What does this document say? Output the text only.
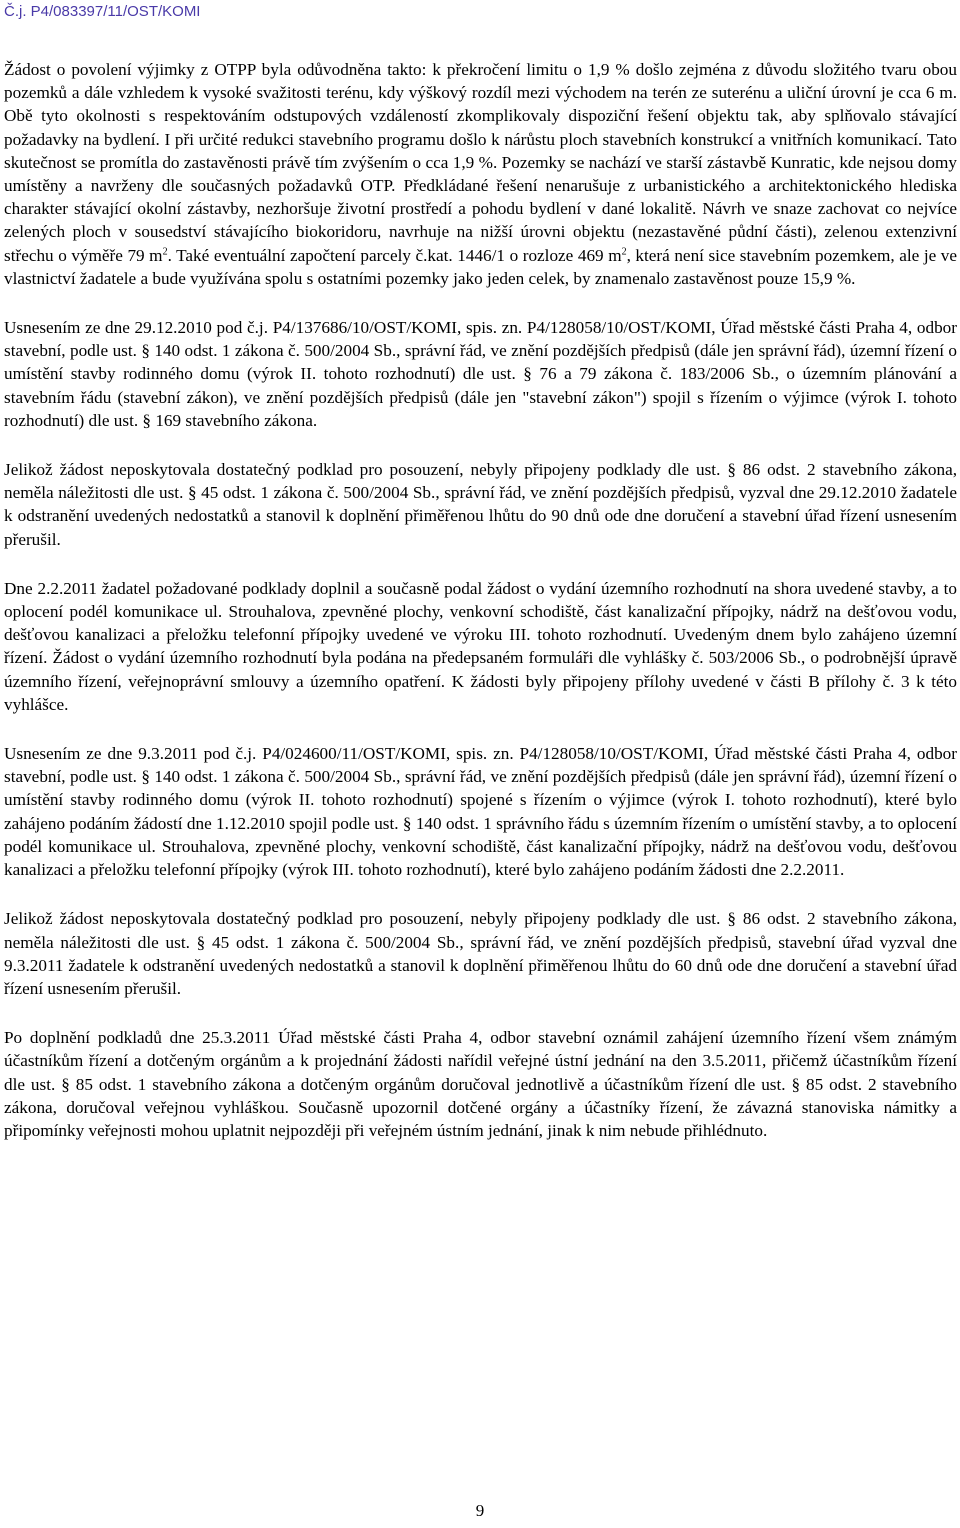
Č.j. P4/083397/11/OST/KOMI

Žádost o povolení výjimky z OTPP byla odůvodněna takto: k překročení limitu o 1,9 % došlo zejména z důvodu složitého tvaru obou pozemků a dále vzhledem k vysoké svažitosti terénu, kdy výškový rozdíl mezi východem na terén ze suterénu a uliční úrovní je cca 6 m. Obě tyto okolnosti s respektováním odstupových vzdáleností zkomplikovaly dispoziční řešení objektu tak, aby splňovalo stávající požadavky na bydlení. I při určité redukci stavebního programu došlo k nárůstu ploch stavebních konstrukcí a vnitřních komunikací. Tato skutečnost se promítla do zastavěnosti právě tím zvýšením o cca 1,9 %. Pozemky se nachází ve starší zástavbě Kunratic, kde nejsou domy umístěny a navrženy dle současných požadavků OTP. Předkládané řešení nenarušuje z urbanistického a architektonického hlediska charakter stávající okolní zástavby, nezhoršuje životní prostředí a pohodu bydlení v dané lokalitě. Návrh ve snaze zachovat co nejvíce zelených ploch v sousedství stávajícího biokoridoru, navrhuje na nižší úrovni objektu (nezastavěné půdní části), zelenou extenzivní střechu o výměře 79 $m^2$. Také eventuální započtení parcely č.kat. 1446/1 o rozloze 469 $m^2$, která není sice stavebním pozemkem, ale je ve vlastnictví žadatele a bude využívána spolu s ostatními pozemky jako jeden celek, by znamenalo zastavěnost pouze 15,9 %.

Usnesením ze dne 29.12.2010 pod č.j. P4/137686/10/OST/KOMI, spis. zn. P4/128058/10/OST/KOMI, Úřad městské části Praha 4, odbor stavební, podle ust. § 140 odst. 1 zákona č. 500/2004 Sb., správní řád, ve znění pozdějších předpisů (dále jen správní řád), územní řízení o umístění stavby rodinného domu (výrok II. tohoto rozhodnutí) dle ust. § 76 a 79 zákona č. 183/2006 Sb., o územním plánování a stavebním řádu (stavební zákon), ve znění pozdějších předpisů (dále jen "stavební zákon") spojil s řízením o výjimce (výrok I. tohoto rozhodnutí) dle ust. § 169 stavebního zákona.

Jelikož žádost neposkytovala dostatečný podklad pro posouzení, nebyly připojeny podklady dle ust. § 86 odst. 2 stavebního zákona, neměla náležitosti dle ust. § 45 odst. 1 zákona č. 500/2004 Sb., správní řád, ve znění pozdějších předpisů, vyzval dne 29.12.2010 žadatele k odstranění uvedených nedostatků a stanovil k doplnění přiměřenou lhůtu do 90 dnů ode dne doručení a stavební úřad řízení usnesením přerušil.

Dne 2.2.2011 žadatel požadované podklady doplnil a současně podal žádost o vydání územního rozhodnutí na shora uvedené stavby, a to oplocení podél komunikace ul. Strouhalova, zpevněné plochy, venkovní schodiště, část kanalizační přípojky, nádrž na dešťovou vodu, dešťovou kanalizaci a přeložku telefonní přípojky uvedené ve výroku III. tohoto rozhodnutí. Uvedeným dnem bylo zahájeno územní řízení. Žádost o vydání územního rozhodnutí byla podána na předepsaném formuláři dle vyhlášky č. 503/2006 Sb., o podrobnější úpravě územního řízení, veřejnoprávní smlouvy a územního opatření. K žádosti byly připojeny přílohy uvedené v části B přílohy č. 3 k této vyhlášce.

Usnesením ze dne 9.3.2011 pod č.j. P4/024600/11/OST/KOMI, spis. zn. P4/128058/10/OST/KOMI, Úřad městské části Praha 4, odbor stavební, podle ust. § 140 odst. 1 zákona č. 500/2004 Sb., správní řád, ve znění pozdějších předpisů (dále jen správní řád), územní řízení o umístění stavby rodinného domu (výrok II. tohoto rozhodnutí) spojené s řízením o výjimce (výrok I. tohoto rozhodnutí), které bylo zahájeno podáním žádostí dne 1.12.2010 spojil podle ust. § 140 odst. 1 správního řádu s územním řízením o umístění stavby, a to oplocení podél komunikace ul. Strouhalova, zpevněné plochy, venkovní schodiště, část kanalizační přípojky, nádrž na dešťovou vodu, dešťovou kanalizaci a přeložku telefonní přípojky (výrok III. tohoto rozhodnutí), které bylo zahájeno podáním žádosti dne 2.2.2011.

Jelikož žádost neposkytovala dostatečný podklad pro posouzení, nebyly připojeny podklady dle ust. § 86 odst. 2 stavebního zákona, neměla náležitosti dle ust. § 45 odst. 1 zákona č. 500/2004 Sb., správní řád, ve znění pozdějších předpisů, stavební úřad vyzval dne 9.3.2011 žadatele k odstranění uvedených nedostatků a stanovil k doplnění přiměřenou lhůtu do 60 dnů ode dne doručení a stavební úřad řízení usnesením přerušil.

Po doplnění podkladů dne 25.3.2011 Úřad městské části Praha 4, odbor stavební oznámil zahájení územního řízení všem známým účastníkům řízení a dotčeným orgánům a k projednání žádosti nařídil veřejné ústní jednání na den 3.5.2011, přičemž účastníkům řízení dle ust. § 85 odst. 1 stavebního zákona a dotčeným orgánům doručoval jednotlivě a účastníkům řízení dle ust. § 85 odst. 2 stavebního zákona, doručoval veřejnou vyhláškou. Současně upozornil dotčené orgány a účastníky řízení, že závazná stanoviska námitky a připomínky veřejnosti mohou uplatnit nejpozději při veřejném ústním jednání, jinak k nim nebude přihlédnuto.

9
